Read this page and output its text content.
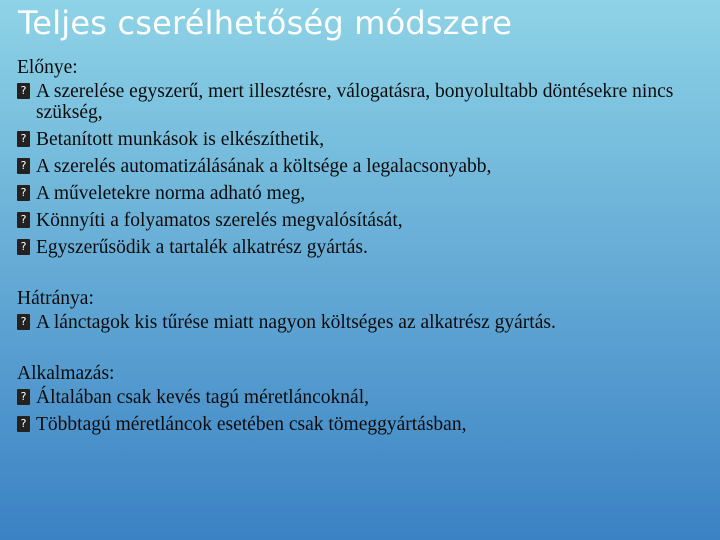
Teljes cserélhetőség módszere
Előnye:
? A szerelése egyszerű, mert illesztésre, válogatásra, bonyolultabb döntésekre nincs szükség,
? Betanított munkások is elkészíthetik,
? A szerelés automatizálásának a költsége a legalacsonyabb,
? A műveletekre norma adható meg,
? Könnyíti a folyamatos szerelés megvalósítását,
? Egyszerűsödik a tartalék alkatrész gyártás.
Hátránya:
? A lánctagok kis tűrése miatt nagyon költséges az alkatrész gyártás.
Alkalmazás:
? Általában csak kevés tagú méretláncoknál,
? Többtagú méretláncok esetében csak tömeggyártásban,
